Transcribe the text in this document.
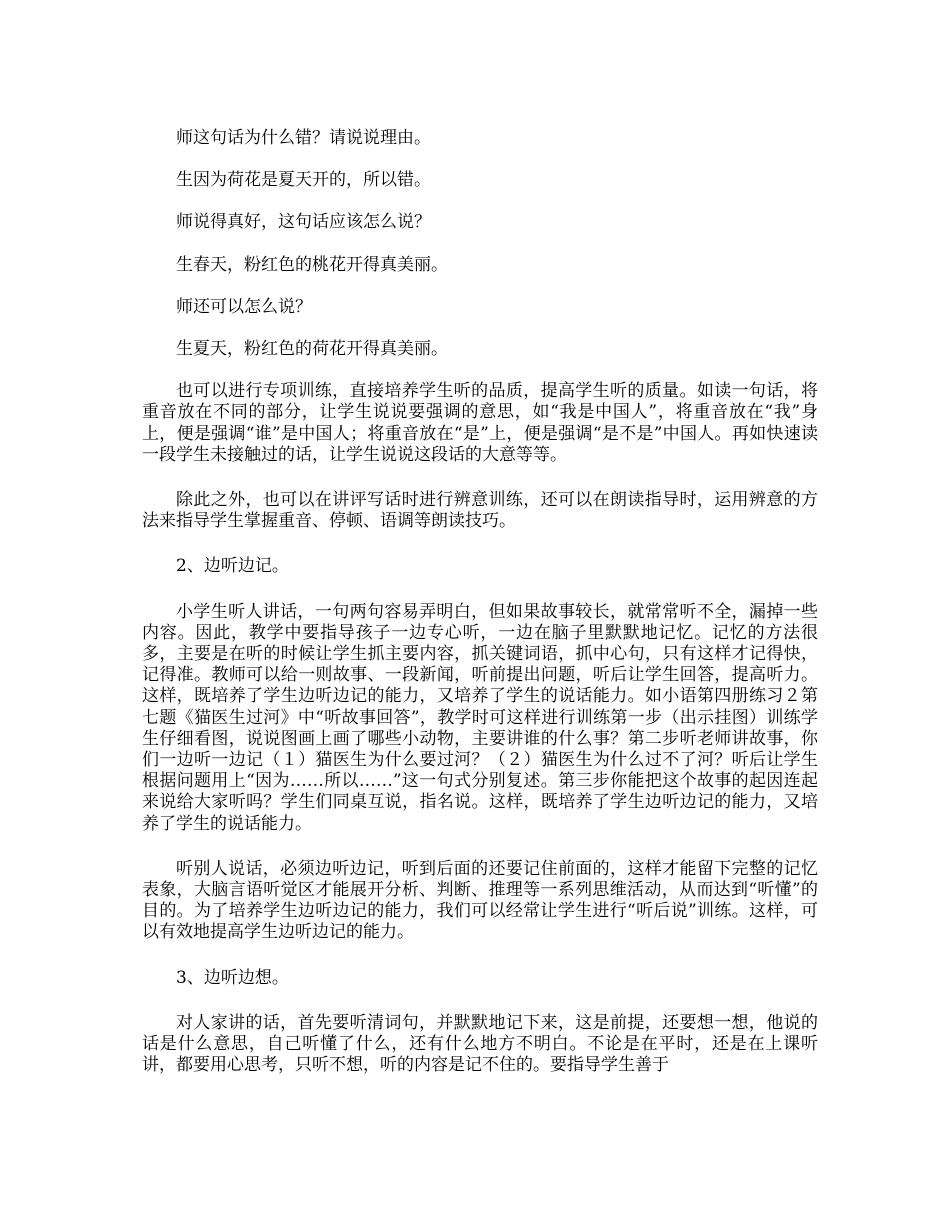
师这句话为什么错？请说说理由。

生因为荷花是夏天开的，所以错。

师说得真好，这句话应该怎么说？

生春天，粉红色的桃花开得真美丽。

师还可以怎么说？

生夏天，粉红色的荷花开得真美丽。

也可以进行专项训练，直接培养学生听的品质，提高学生听的质量。如读一句话，将重音放在不同的部分，让学生说说要强调的意思，如“我是中国人”，将重音放在“我”身上，便是强调“谁”是中国人；将重音放在“是”上，便是强调“是不是”中国人。再如快速读一段学生未接触过的话，让学生说说这段话的大意等等。

除此之外，也可以在讲评写话时进行辨意训练，还可以在朗读指导时，运用辨意的方法来指导学生掌握重音、停顿、语调等朗读技巧。

2、边听边记。

小学生听人讲话，一句两句容易弄明白，但如果故事较长，就常常听不全，漏掉一些内容。因此，教学中要指导孩子一边专心听，一边在脑子里默默地记忆。记忆的方法很多，主要是在听的时候让学生抓主要内容，抓关键词语，抓中心句，只有这样才记得快，记得准。教师可以给一则故事、一段新闻，听前提出问题，听后让学生回答，提高听力。这样，既培养了学生边听边记的能力，又培养了学生的说话能力。如小语第四册练习２第七题《猫医生过河》中“听故事回答”，教学时可这样进行训练第一步（出示挂图）训练学生仔细看图，说说图画上画了哪些小动物，主要讲谁的什么事？第二步听老师讲故事，你们一边听一边记（１）猫医生为什么要过河？（２）猫医生为什么过不了河？听后让学生根据问题用上“因为……所以……”这一句式分别复述。第三步你能把这个故事的起因连起来说给大家听吗？学生们同桌互说，指名说。这样，既培养了学生边听边记的能力，又培养了学生的说话能力。

听别人说话，必须边听边记，听到后面的还要记住前面的，这样才能留下完整的记忆表象，大脑言语听觉区才能展开分析、判断、推理等一系列思维活动，从而达到“听懂”的目的。为了培养学生边听边记的能力，我们可以经常让学生进行“听后说”训练。这样，可以有效地提高学生边听边记的能力。

3、边听边想。

对人家讲的话，首先要听清词句，并默默地记下来，这是前提，还要想一想，他说的话是什么意思，自己听懂了什么，还有什么地方不明白。不论是在平时，还是在上课听讲，都要用心思考，只听不想，听的内容是记不住的。要指导学生善于
